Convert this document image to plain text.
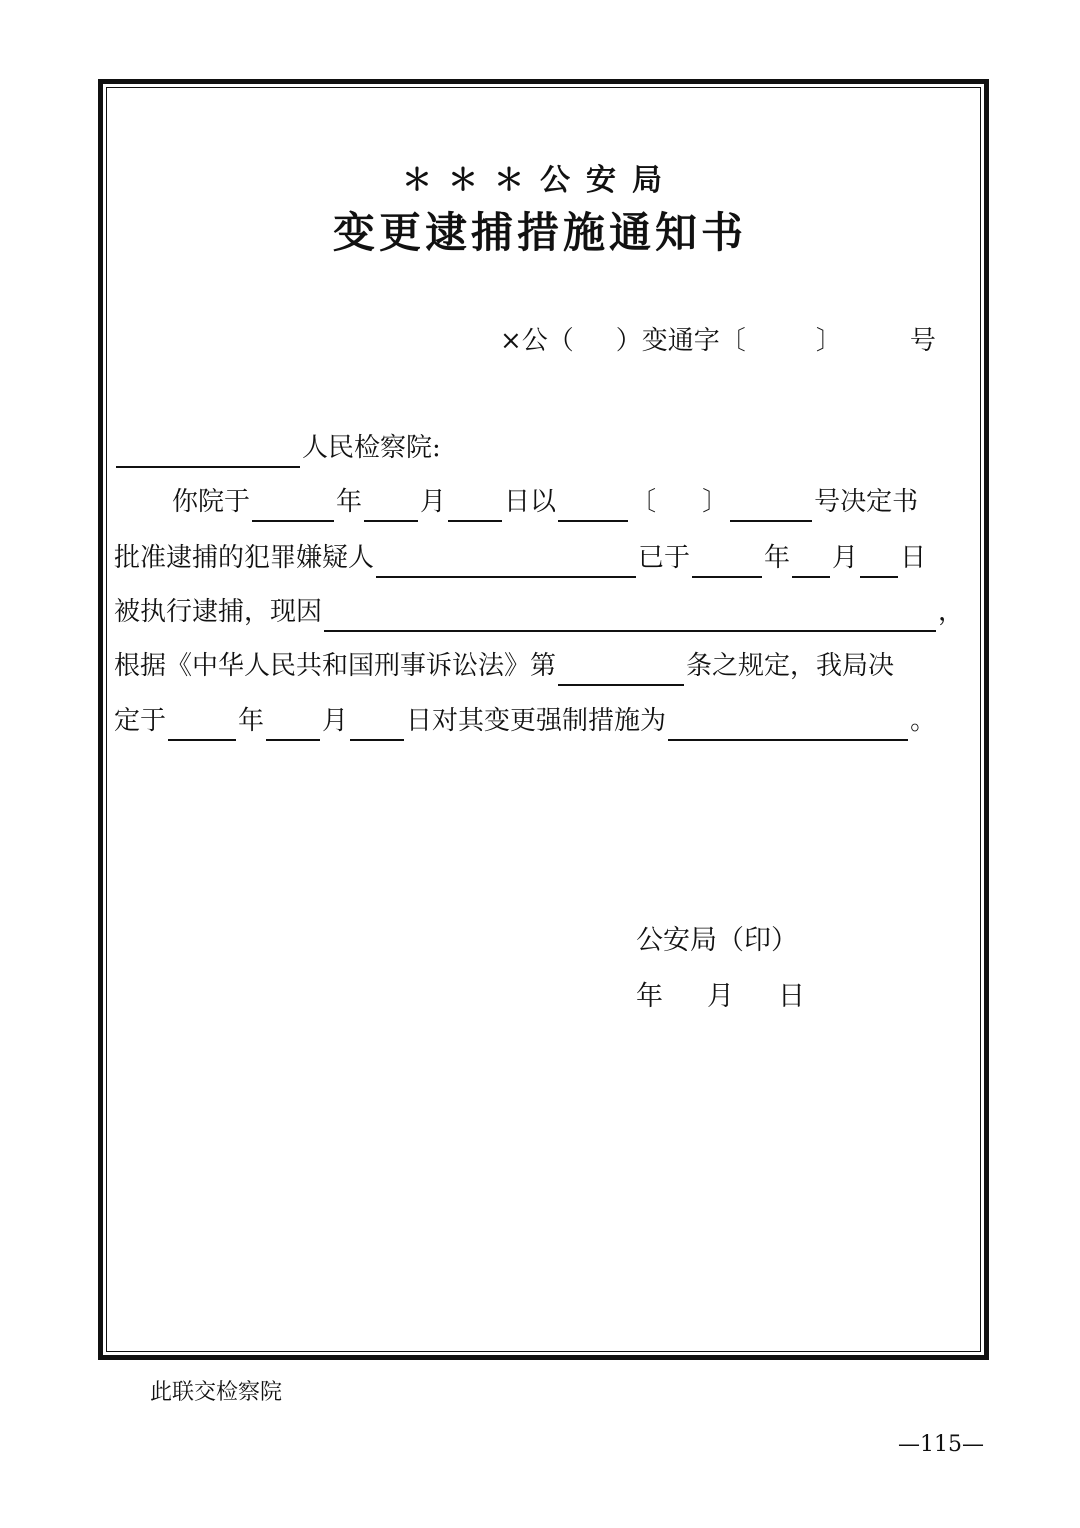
＊＊＊公安局
变更逮捕措施通知书
×公（ ）变通字〔	〕	号
人民检察院:
你院于	年 月 日以	〔 〕	号决定书
批准逮捕的犯罪嫌疑人	已于	年 月 日
被执行逮捕，现因	，
根据《中华人民共和国刑事诉讼法》第	条之规定，我局决
定于	年 月 日对其变更强制措施为	。
公安局（印）
年 月 日
此联交检察院
—115—
